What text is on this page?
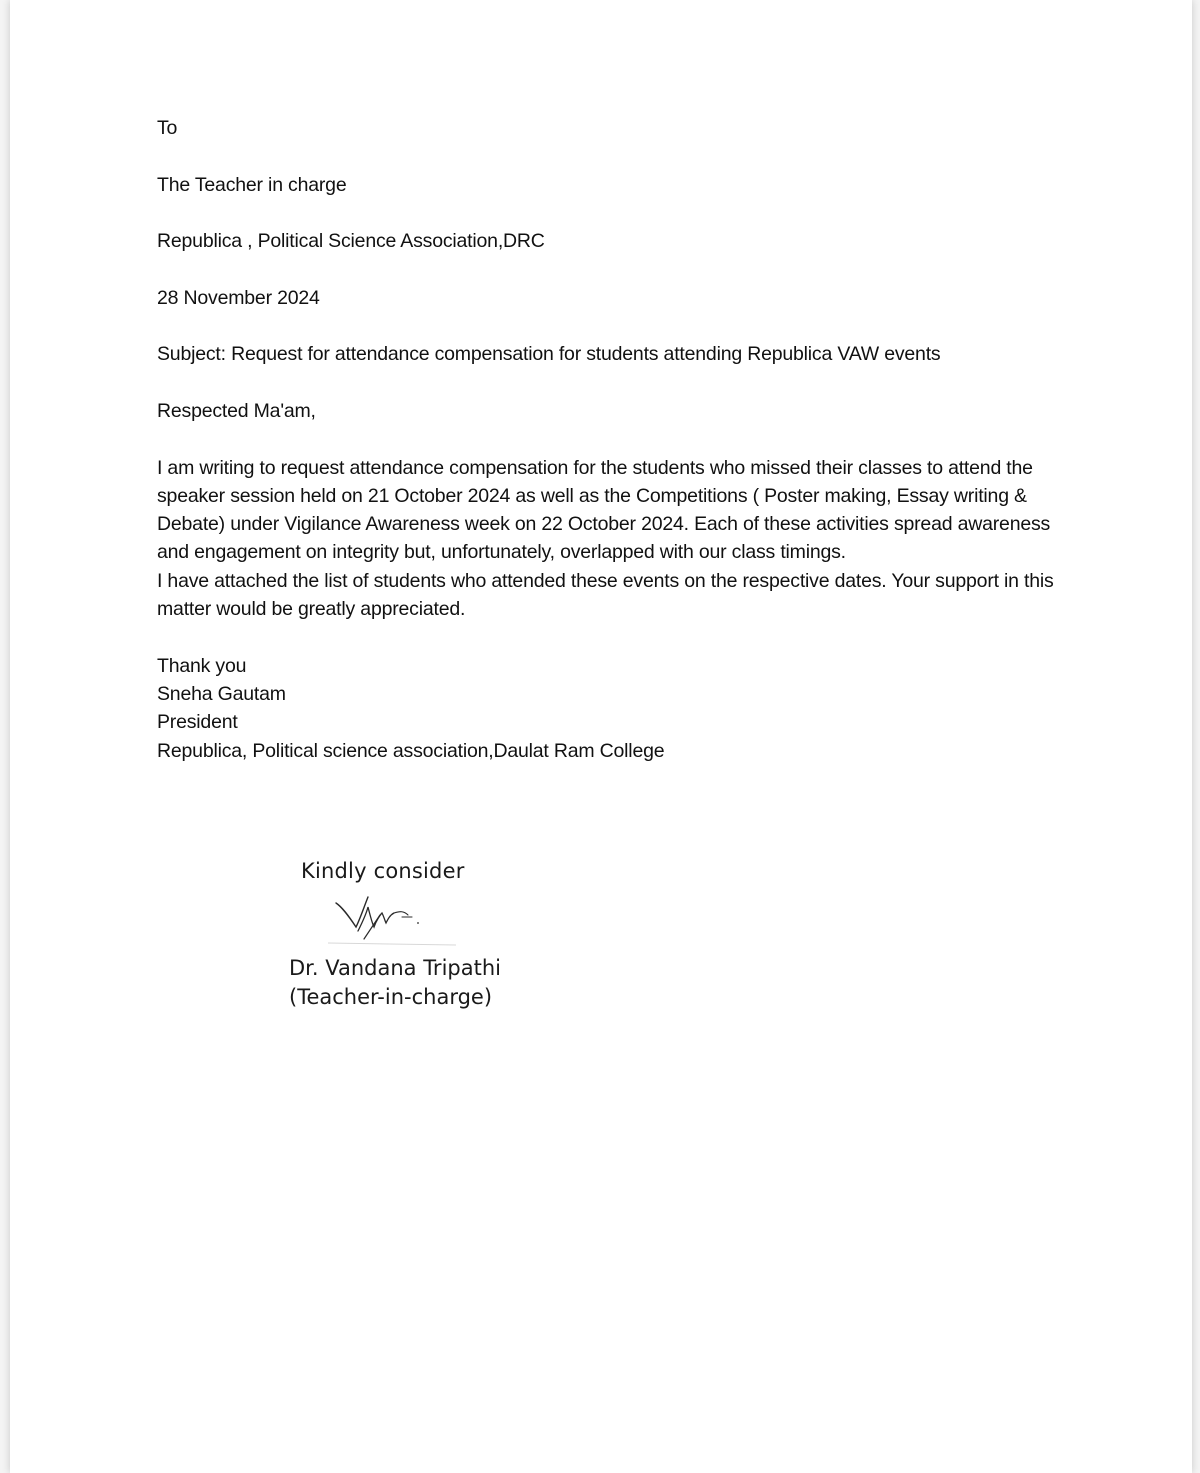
To

The Teacher in charge

Republica , Political Science Association,DRC

28 November 2024

Subject: Request for attendance compensation for students attending Republica VAW events

Respected Ma'am,

I am writing to request attendance compensation for the students who missed their classes to attend the speaker session held on 21 October 2024 as well as the Competitions ( Poster making, Essay writing & Debate) under Vigilance Awareness week on 22 October 2024. Each of these activities spread awareness and engagement on integrity but, unfortunately, overlapped with our class timings.

I have attached the list of students who attended these events on the respective dates. Your support in this matter would be greatly appreciated.

Thank you

Sneha Gautam

President

Republica, Political science association,Daulat Ram College

Kindly consider
Dr. Vandana Tripathi
(Teacher-in-charge)
